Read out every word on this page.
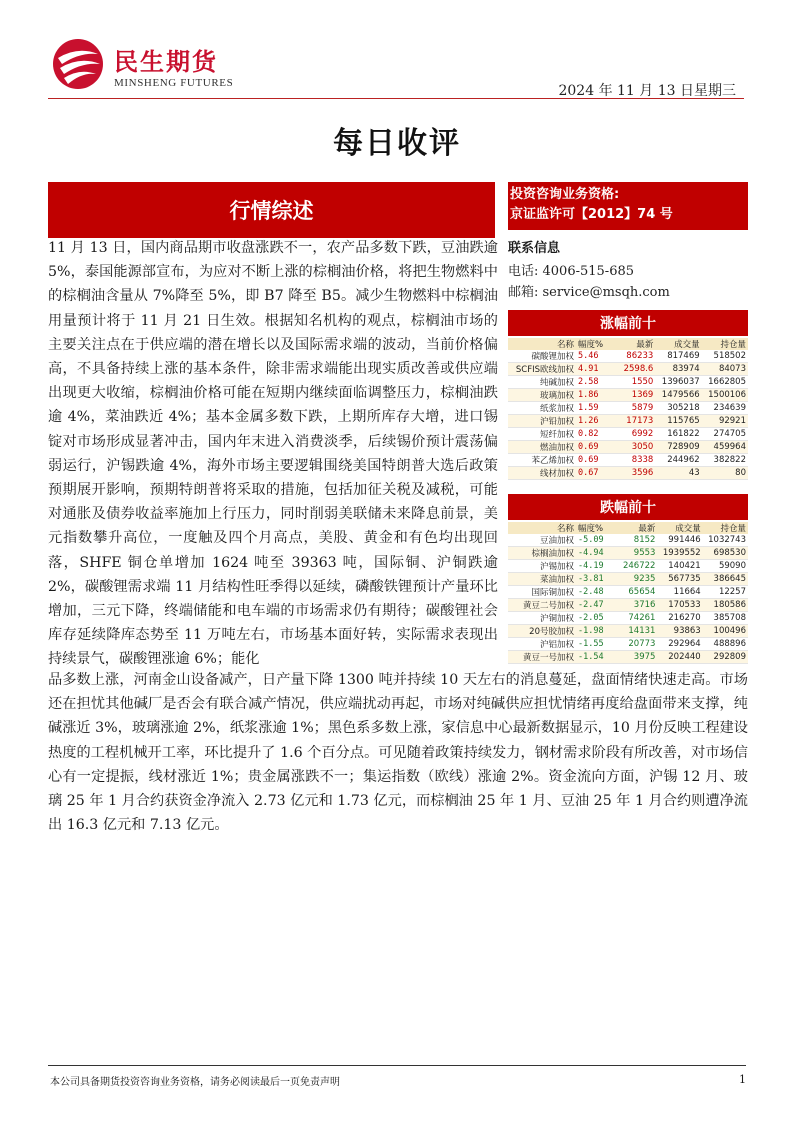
民生期货
MINSHENG FUTURES	2024 年 11 月 13 日星期三
每日收评
行情综述
投资咨询业务资格:
京证监许可【2012】74 号
联系信息
电话: 4006-515-685
邮箱: service@msqh.com
涨幅前十
名称	幅度%	最新	成交量	持仓量
碳酸锂加权	5.46	86233	817469	518502
SCFIS欧线加权	4.91	2598.6	83974	84073
纯碱加权	2.58	1550	1396037	1662805
玻璃加权	1.86	1369	1479566	1500106
纸浆加权	1.59	5879	305218	234639
沪铅加权	1.26	17173	115765	92921
短纤加权	0.82	6992	161822	274705
燃油加权	0.69	3050	728909	459964
苯乙烯加权	0.69	8338	244962	382822
线材加权	0.67	3596	43	80
跌幅前十
名称	幅度%	最新	成交量	持仓量
豆油加权	-5.09	8152	991446	1032743
棕榈油加权	-4.94	9553	1939552	698530
沪锡加权	-4.19	246722	140421	59090
菜油加权	-3.81	9235	567735	386645
国际铜加权	-2.48	65654	11664	12257
黄豆二号加权	-2.47	3716	170533	180586
沪铜加权	-2.05	74261	216270	385708
20号胶加权	-1.98	14131	93863	100496
沪铝加权	-1.55	20773	292964	488896
黄豆一号加权	-1.54	3975	202440	292809
11 月 13 日，国内商品期市收盘涨跌不一，农产品多数下跌，豆油跌逾 5%，泰国能源部宣布，为应对不断上涨的棕榈油价格，将把生物燃料中的棕榈油含量从 7%降至 5%，即 B7 降至 B5。减少生物燃料中棕榈油用量预计将于 11 月 21 日生效。根据知名机构的观点，棕榈油市场的主要关注点在于供应端的潜在增长以及国际需求端的波动，当前价格偏高，不具备持续上涨的基本条件，除非需求端能出现实质改善或供应端出现更大收缩，棕榈油价格可能在短期内继续面临调整压力，棕榈油跌逾 4%，菜油跌近 4%；基本金属多数下跌，上期所库存大增，进口锡锭对市场形成显著冲击，国内年末进入消费淡季，后续锡价预计震荡偏弱运行，沪锡跌逾 4%，海外市场主要逻辑围绕美国特朗普大选后政策预期展开影响，预期特朗普将采取的措施，包括加征关税及减税，可能对通胀及债券收益率施加上行压力，同时削弱美联储未来降息前景，美元指数攀升高位，一度触及四个月高点，美股、黄金和有色均出现回落，SHFE 铜仓单增加 1624 吨至 39363 吨，国际铜、沪铜跌逾 2%，碳酸锂需求端 11 月结构性旺季得以延续，磷酸铁锂预计产量环比增加，三元下降，终端储能和电车端的市场需求仍有期待；碳酸锂社会库存延续降库态势至 11 万吨左右，市场基本面好转，实际需求表现出持续景气，碳酸锂涨逾 6%；能化
品多数上涨，河南金山设备减产，日产量下降 1300 吨并持续 10 天左右的消息蔓延，盘面情绪快速走高。市场还在担忧其他碱厂是否会有联合减产情况，供应端扰动再起，市场对纯碱供应担忧情绪再度给盘面带来支撑，纯碱涨近 3%，玻璃涨逾 2%，纸浆涨逾 1%；黑色系多数上涨，家信息中心最新数据显示，10 月份反映工程建设热度的工程机械开工率，环比提升了 1.6 个百分点。可见随着政策持续发力，钢材需求阶段有所改善，对市场信心有一定提振，线材涨近 1%；贵金属涨跌不一；集运指数（欧线）涨逾 2%。资金流向方面，沪锡 12 月、玻璃 25 年 1 月合约获资金净流入 2.73 亿元和 1.73 亿元，而棕榈油 25 年 1 月、豆油 25 年 1 月合约则遭净流出 16.3 亿元和 7.13 亿元。
本公司具备期货投资咨询业务资格，请务必阅读最后一页免责声明	1
